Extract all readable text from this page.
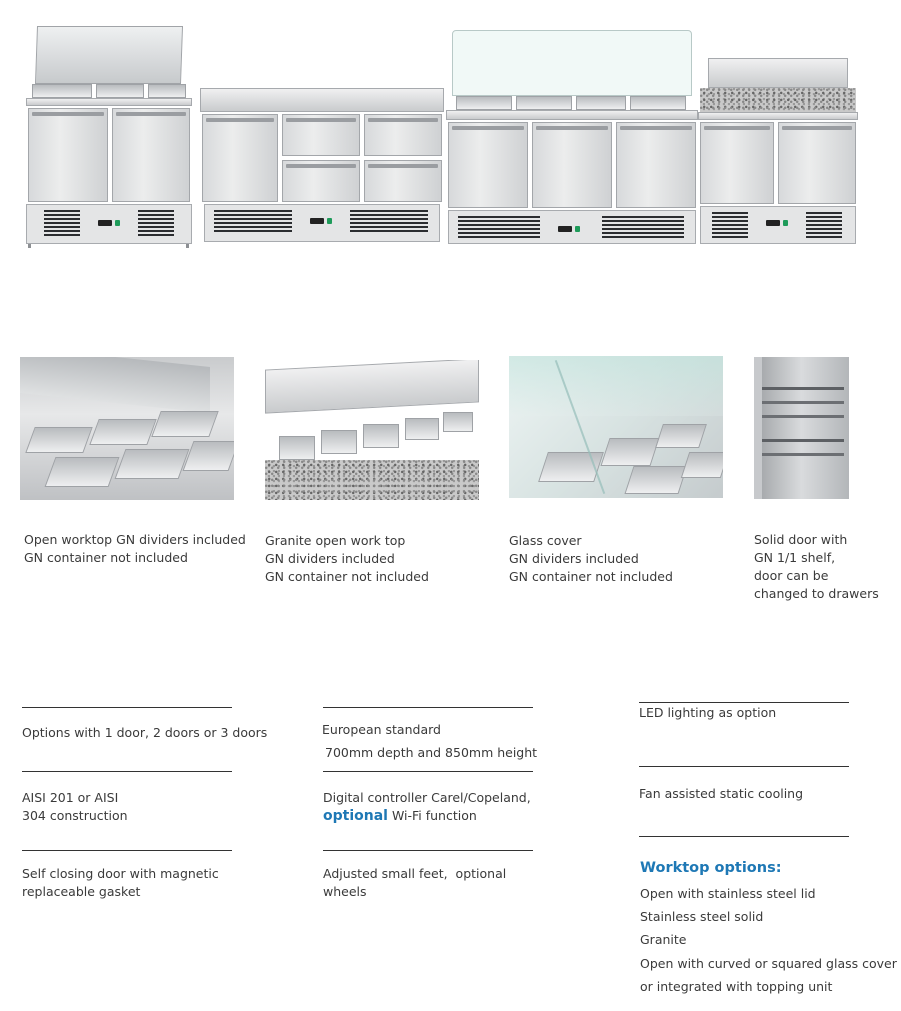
Open worktop GN dividers included
GN container not included
Granite open work top
GN dividers included
GN container not included
Glass cover
GN dividers included
GN container not included
Solid door with
GN 1/1 shelf,
door can be
changed to drawers
Options with 1 door, 2 doors or 3 doors
AISI 201 or AISI
304 construction
Self closing door with magnetic
replaceable gasket
European standard
700mm depth and 850mm height
Digital controller Carel/Copeland,
optional Wi-Fi function
Adjusted small feet,  optional
wheels
LED lighting as option
Fan assisted static cooling
Worktop options:
Open with stainless steel lid
Stainless steel solid
Granite
Open with curved or squared glass cover
or integrated with topping unit
